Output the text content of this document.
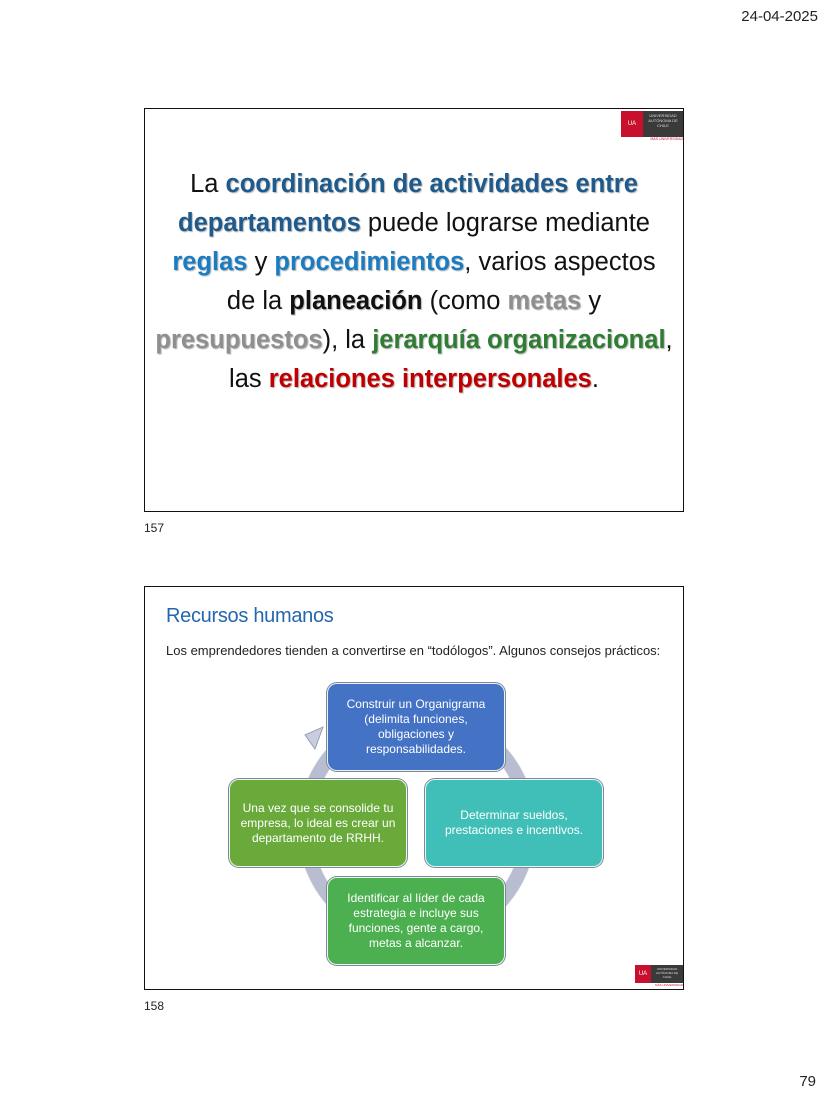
24-04-2025
UA
UNIVERSIDAD AUTÓNOMA DE CHILE
MÁS UNIVERSIDAD
La coordinación de actividades entre departamentos puede lograrse mediante reglas y procedimientos, varios aspectos de la planeación (como metas y presupuestos), la jerarquía organizacional, las relaciones interpersonales.
157
Recursos humanos
Los emprendedores tienden a convertirse en “todólogos”. Algunos consejos prácticos:
Construir un Organigrama (delimita funciones, obligaciones y responsabilidades.
Determinar sueldos, prestaciones e incentivos.
Identificar al líder de cada estrategia e incluye sus funciones, gente a cargo, metas a alcanzar.
Una vez que se consolide tu empresa, lo ideal es crear un departamento de RRHH.
UA
UNIVERSIDAD AUTÓNOMA DE CHILE
MÁS UNIVERSIDAD
158
79
